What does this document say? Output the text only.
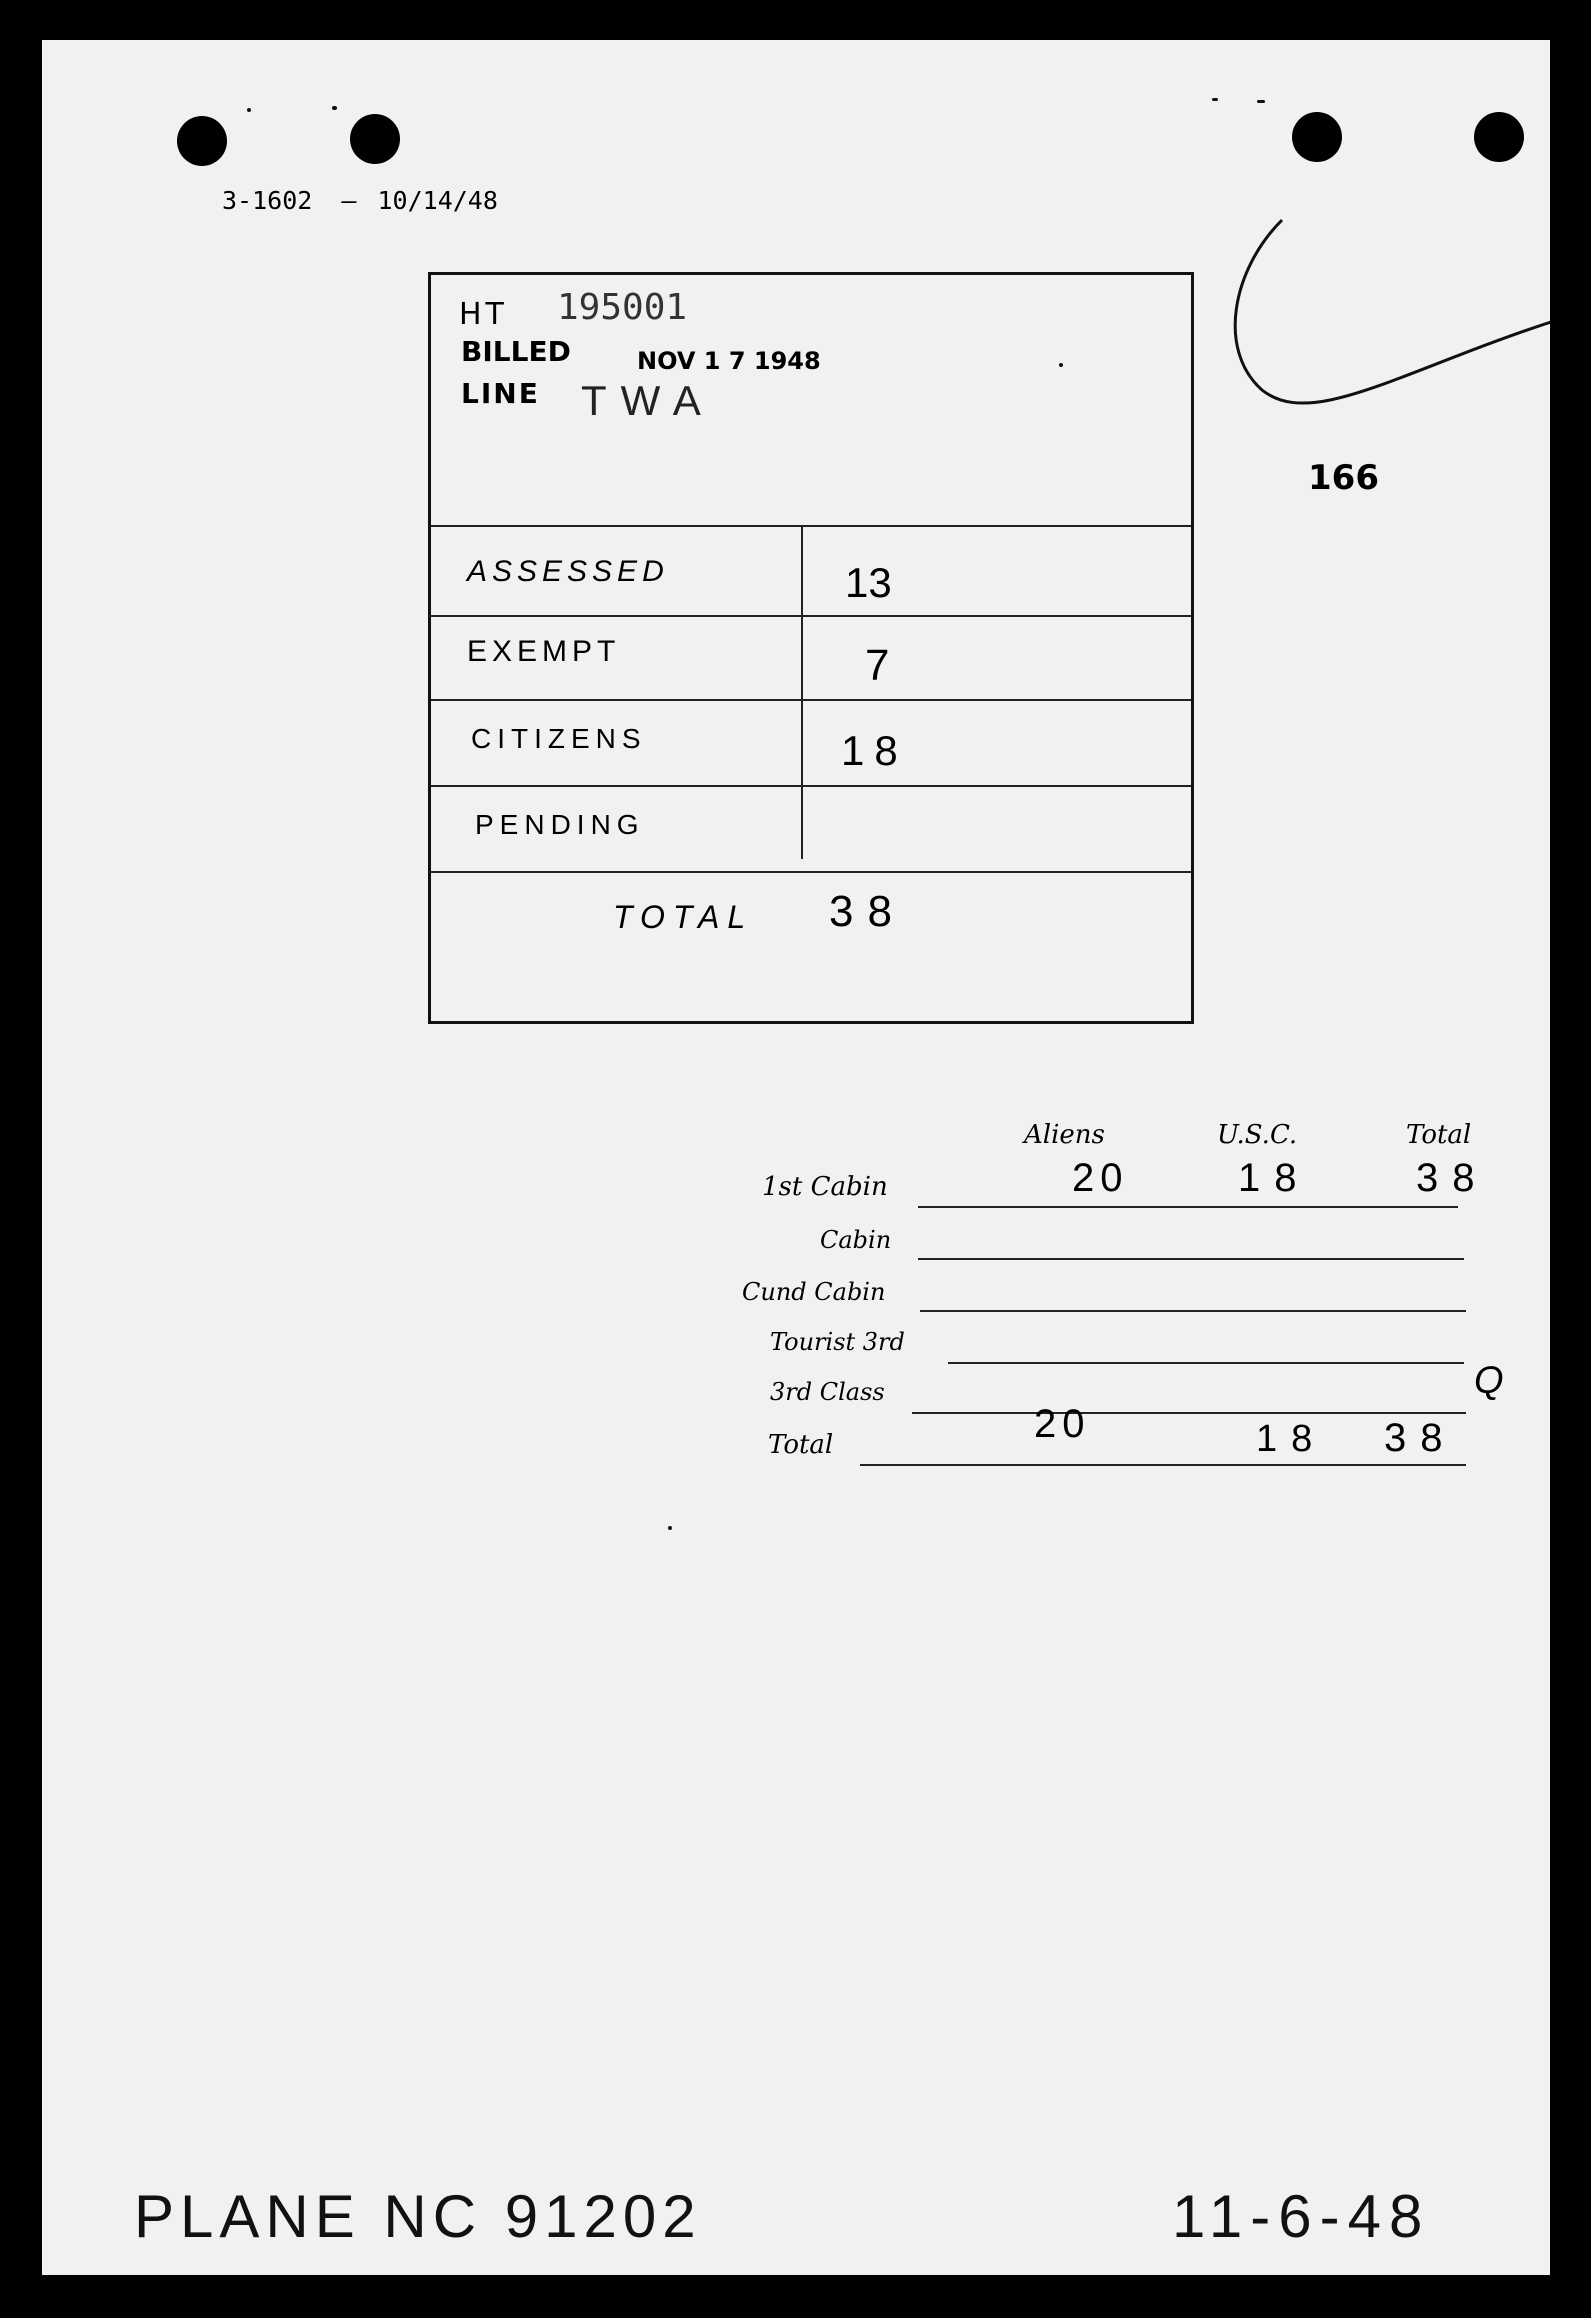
3-1602 — 10/14/48
166
HT 195001
BILLED	NOV 1 7 1948
LINE TWA
ASSESSED	13
EXEMPT	7
CITIZENS	18
PENDING
TOTAL 38
Aliens	U.S.C.	Total
1st Cabin	20	18	38
Cabin
Cund Cabin
Tourist 3rd
3rd Class	Q
Total	20	18 38
PLANE NC 91202	11-6-48
